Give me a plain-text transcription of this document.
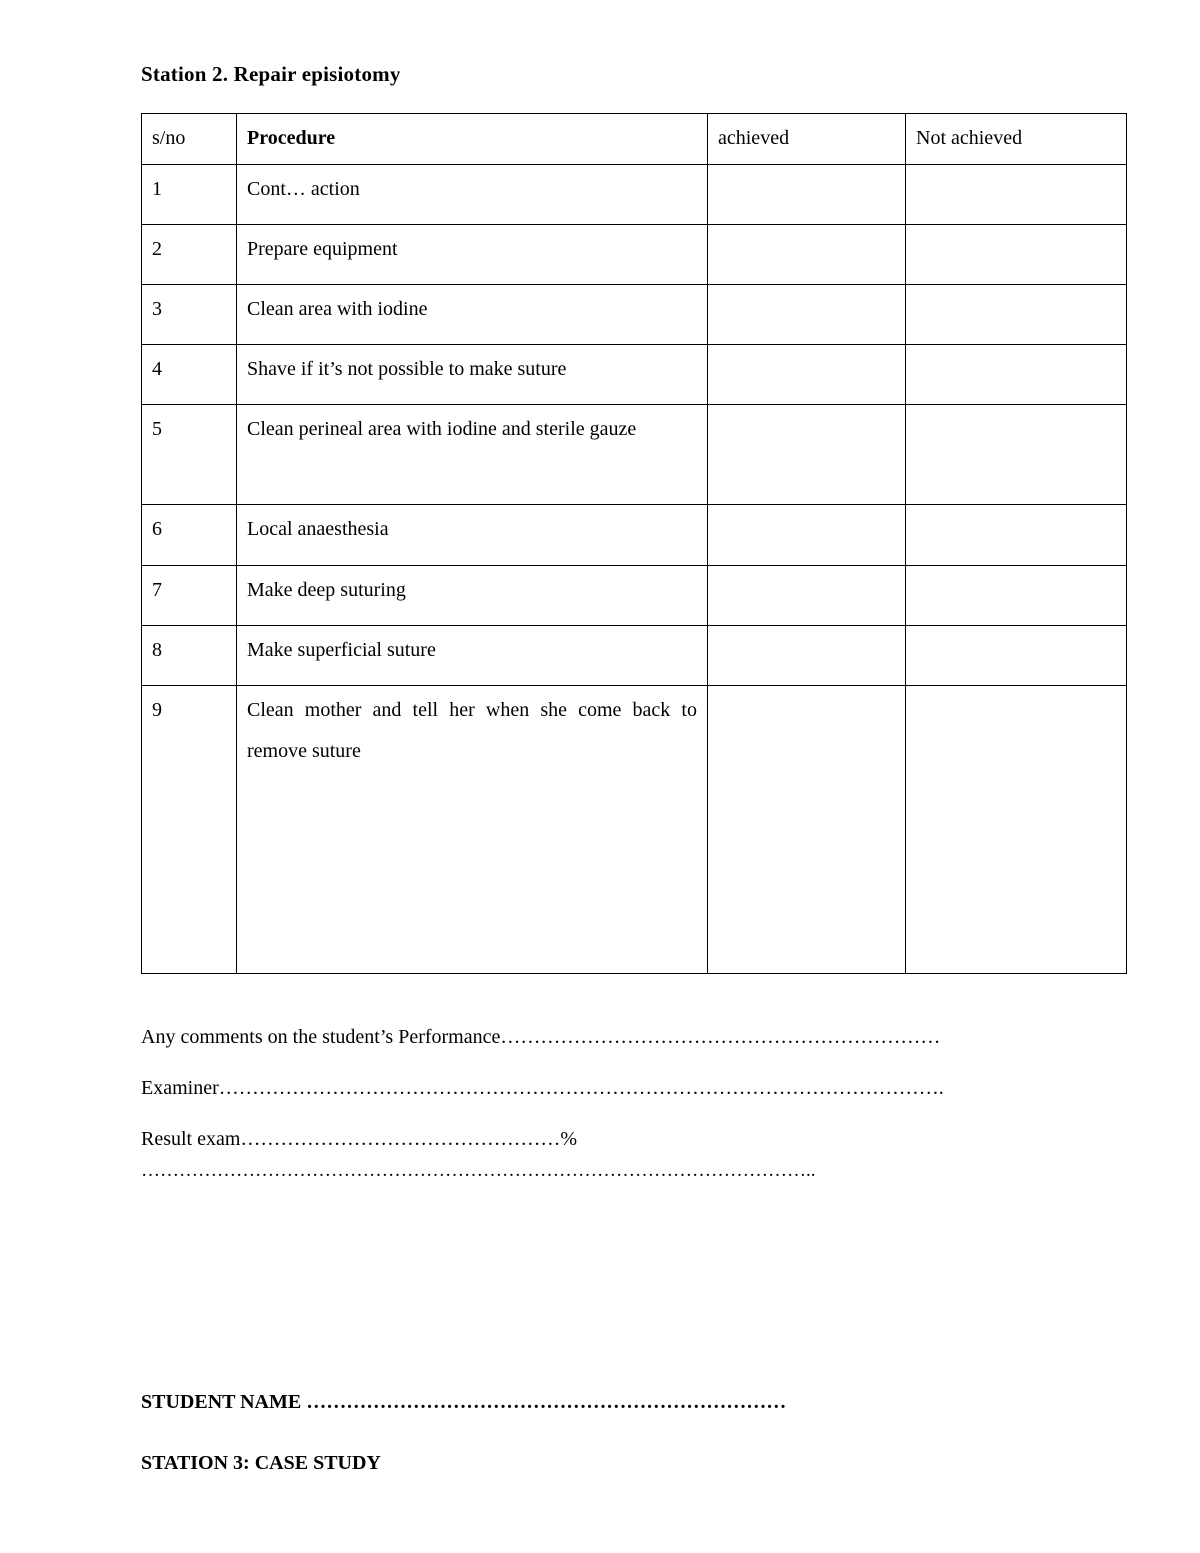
Station 2. Repair episiotomy
s/no	Procedure	achieved	Not achieved
1	Cont… action		
2	Prepare equipment		
3	Clean area with iodine		
4	Shave if it’s not possible to make suture		
5	Clean perineal area with iodine and sterile gauze		
6	Local anaesthesia		
7	Make deep suturing		
8	Make superficial suture		
9	Clean mother and tell her when she come back to remove suture		
Any comments on the student’s Performance…………………………………………………………
Examiner……………………………………………………………………………………………….
Result exam…………………………………………%
……………………………………………………………………………………………..
STUDENT NAME ………………………………………………………………
STATION 3: CASE STUDY
